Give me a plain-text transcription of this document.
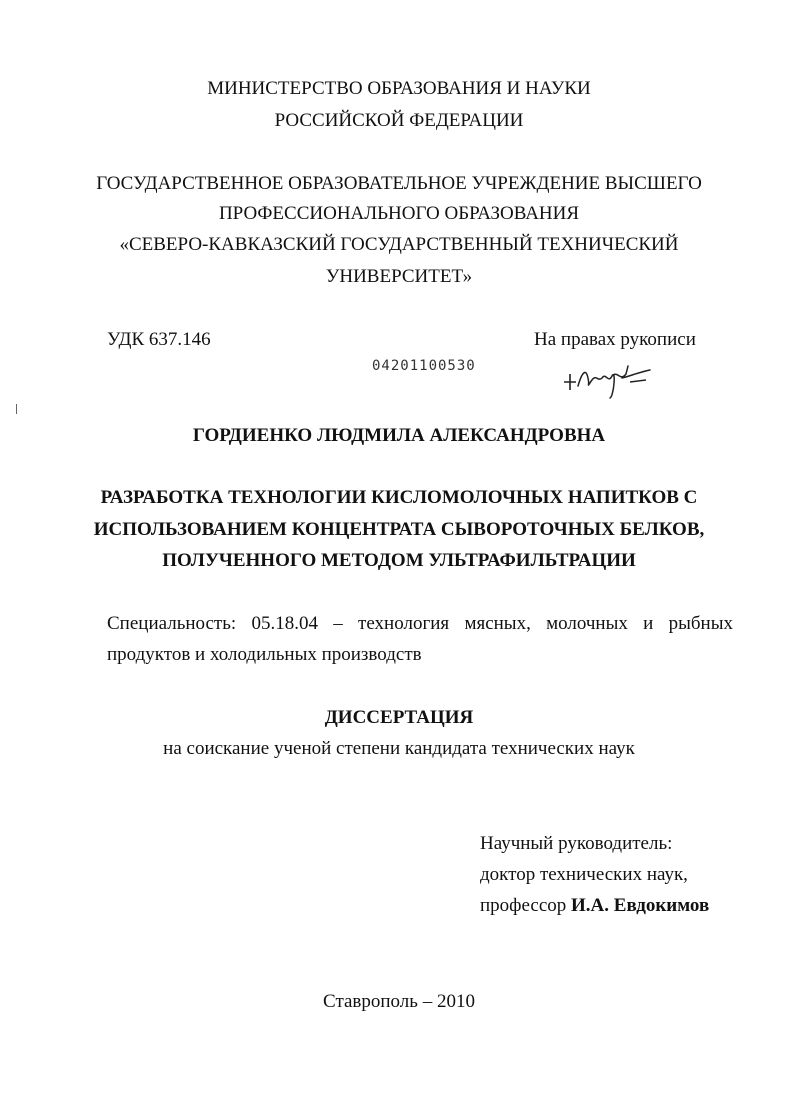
МИНИСТЕРСТВО ОБРАЗОВАНИЯ И НАУКИ
РОССИЙСКОЙ ФЕДЕРАЦИИ
ГОСУДАРСТВЕННОЕ ОБРАЗОВАТЕЛЬНОЕ УЧРЕЖДЕНИЕ ВЫСШЕГО
ПРОФЕССИОНАЛЬНОГО ОБРАЗОВАНИЯ
«СЕВЕРО-КАВКАЗСКИЙ ГОСУДАРСТВЕННЫЙ ТЕХНИЧЕСКИЙ
УНИВЕРСИТЕТ»
УДК 637.146	На правах рукописи
04201100530
ГОРДИЕНКО ЛЮДМИЛА АЛЕКСАНДРОВНА
РАЗРАБОТКА ТЕХНОЛОГИИ КИСЛОМОЛОЧНЫХ НАПИТКОВ С
ИСПОЛЬЗОВАНИЕМ КОНЦЕНТРАТА СЫВОРОТОЧНЫХ БЕЛКОВ,
ПОЛУЧЕННОГО МЕТОДОМ УЛЬТРАФИЛЬТРАЦИИ
Специальность: 05.18.04 – технология мясных, молочных и рыбных
продуктов и холодильных производств
ДИССЕРТАЦИЯ
на соискание ученой степени кандидата технических наук
Научный руководитель:
доктор технических наук,
профессор И.А. Евдокимов
Ставрополь – 2010
